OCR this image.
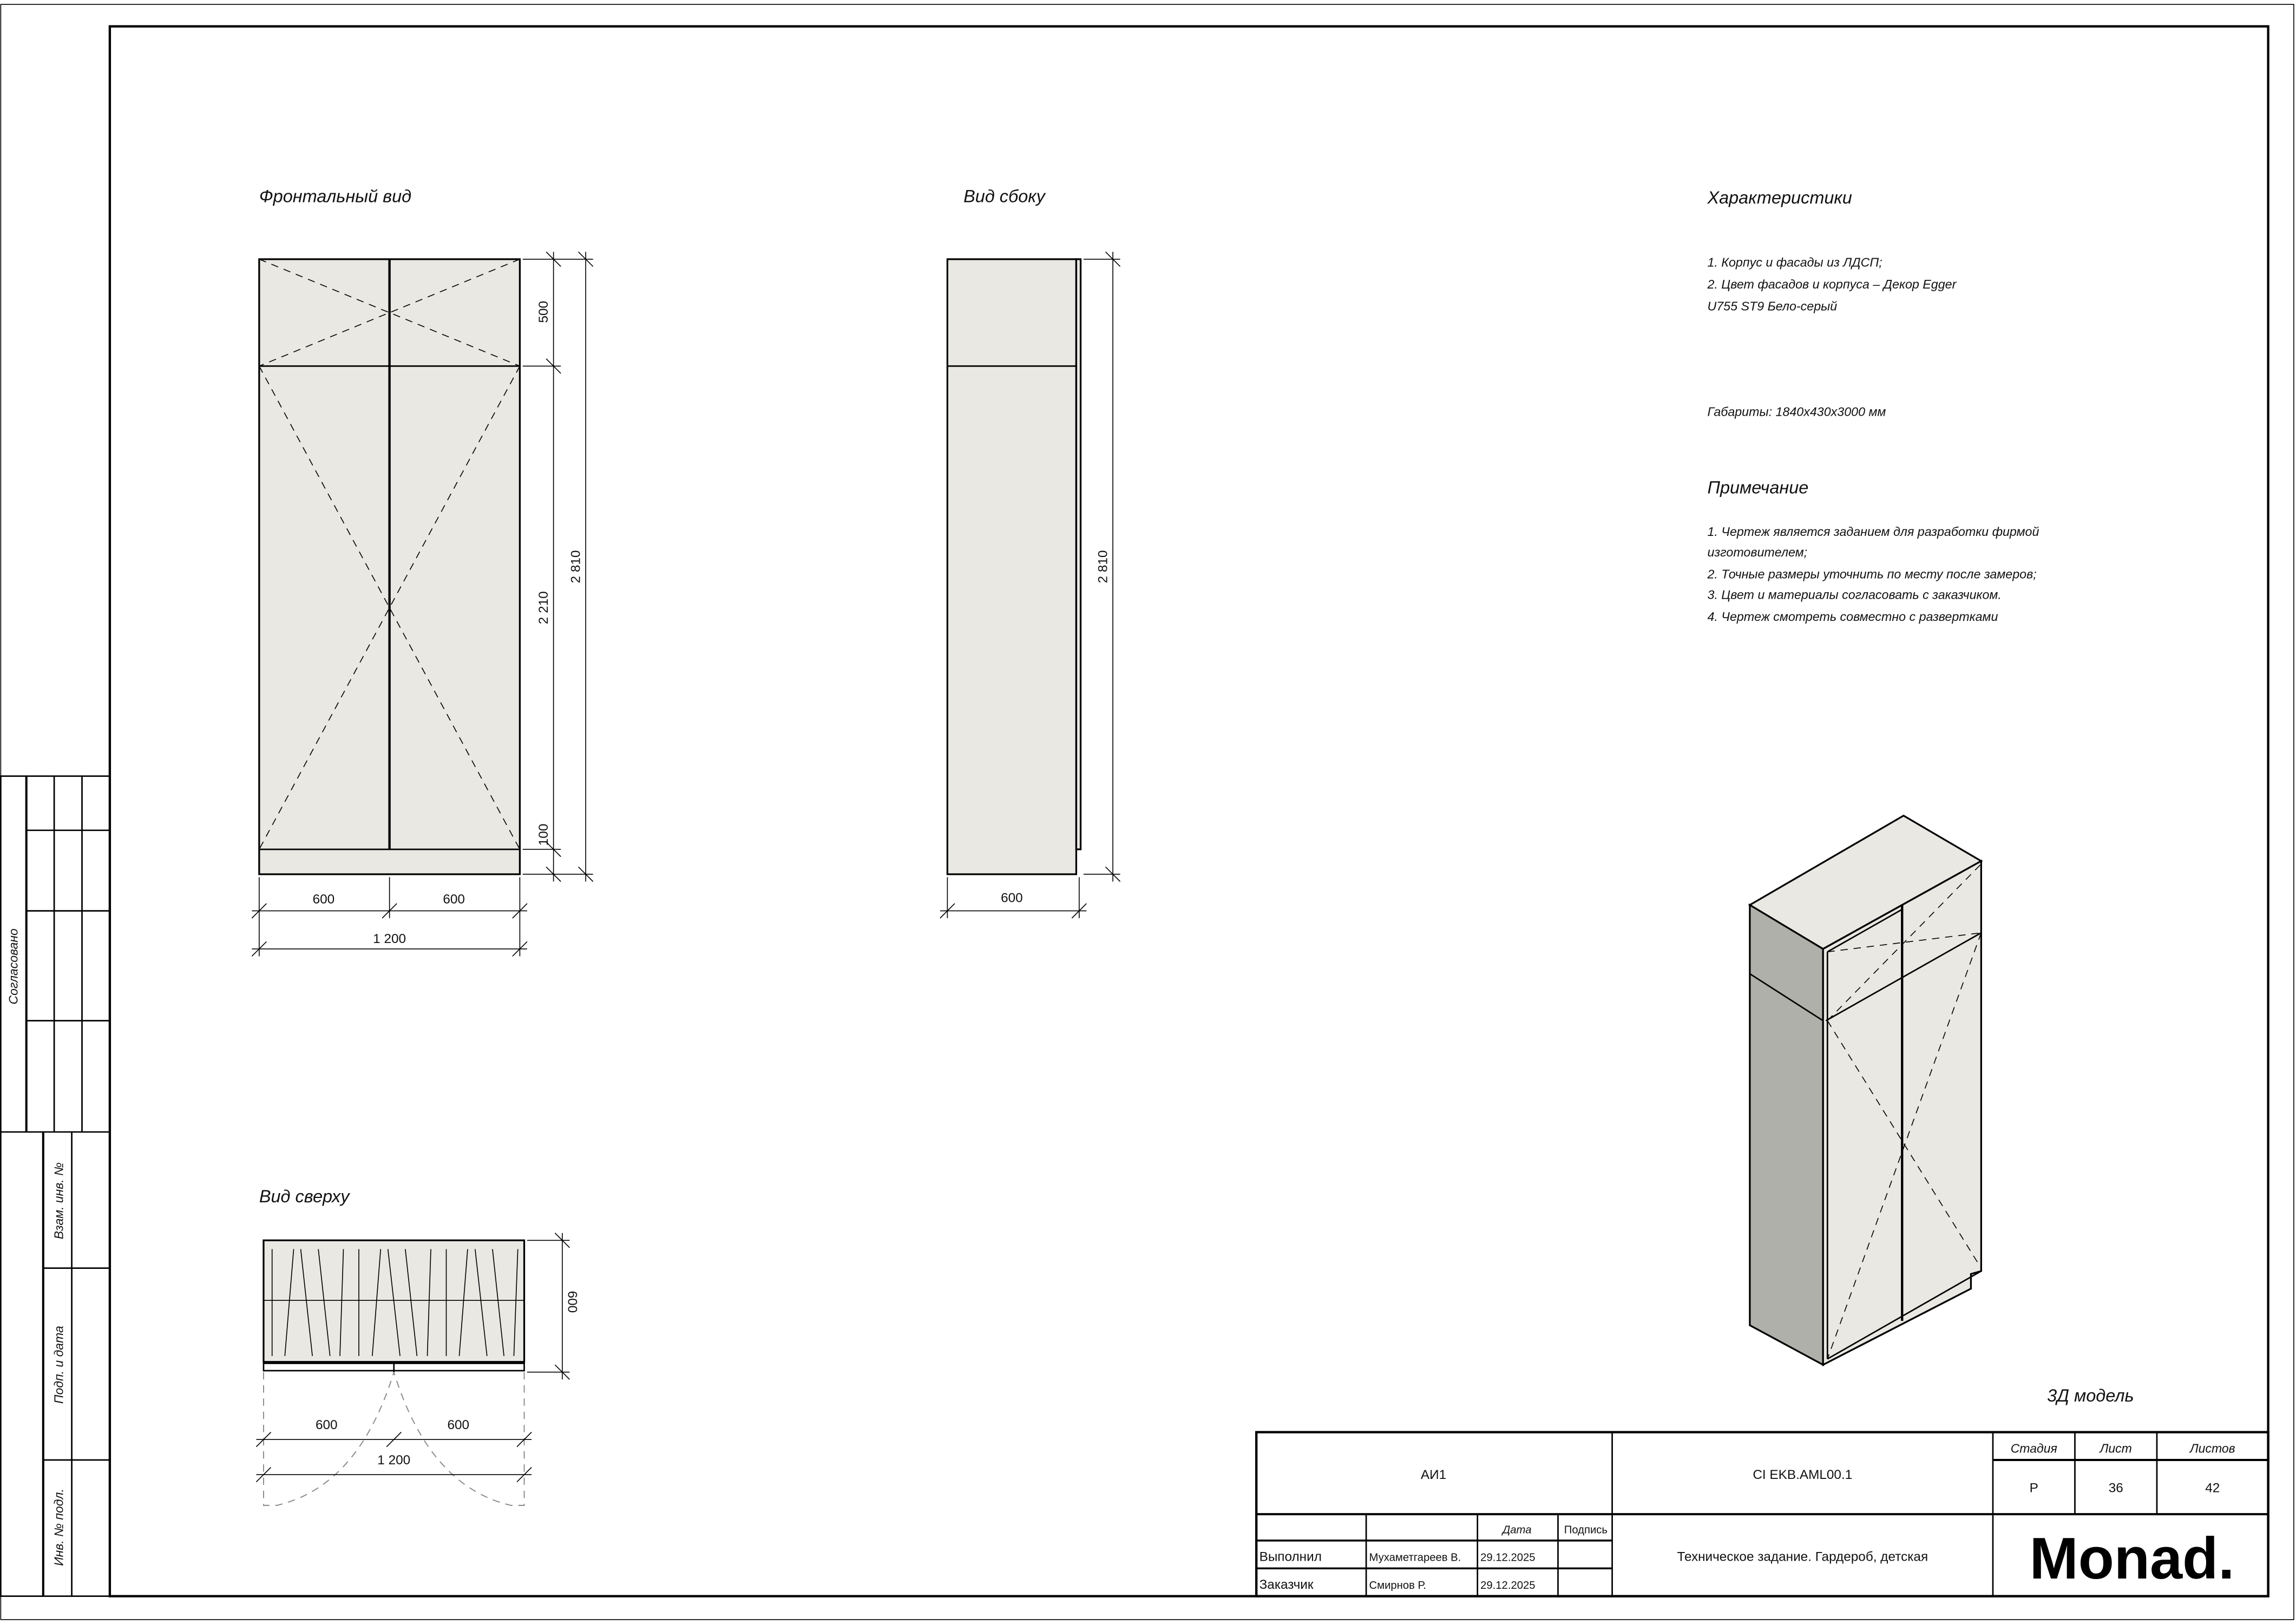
Фронтальный вид
500
2 210
100
2 810
600	600
1 200
Вид сбоку
2 810
600
Вид сверху
600
600	600
1 200
Характеристики
1. Корпус и фасады из ЛДСП;
2. Цвет фасадов и корпуса – Декор Egger
U755 ST9 Бело-серый
Габариты: 1840х430х3000 мм
Примечание
1. Чертеж является заданием для разработки фирмой
изготовителем;
2. Точные размеры уточнить по месту после замеров;
3. Цвет и материалы согласовать с заказчиком.
4. Чертеж смотреть совместно с развертками
3Д модель
Согласовано
Взам. инв. №
Подп. и дата
Инв. № подл.
АИ1	CI EKB.AML00.1
Стадия	Лист	Листов
Р	36	42
Дата	Подпись
Выполнил	Мухаметгареев В.	29.12.2025
Заказчик	Смирнов Р.	29.12.2025
Техническое задание. Гардероб, детская	Monad.
